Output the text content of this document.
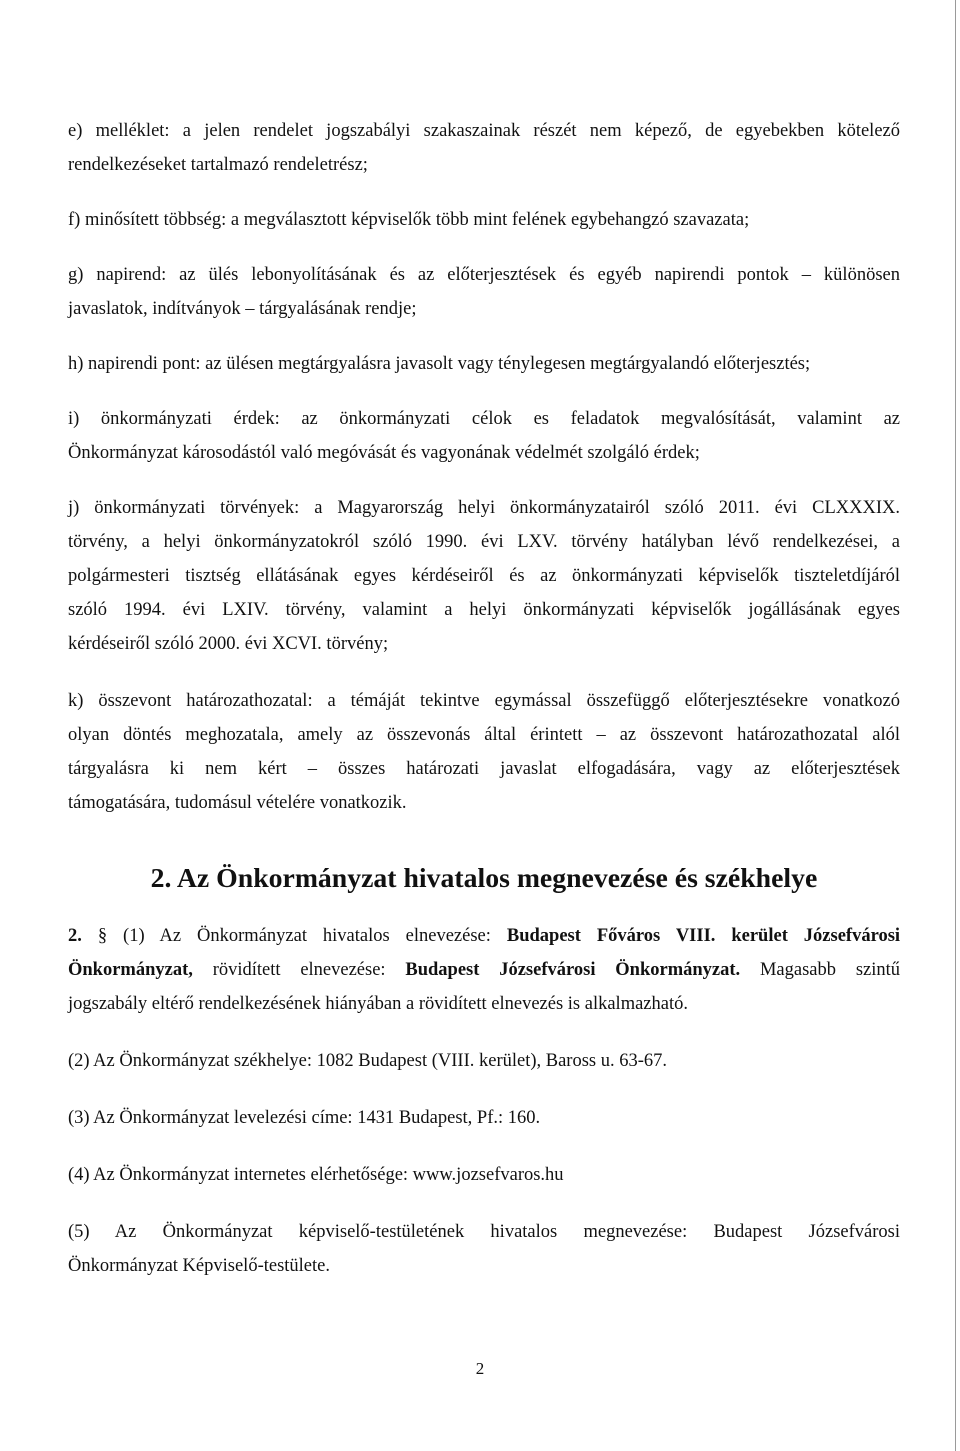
e) melléklet: a jelen rendelet jogszabályi szakaszainak részét nem képező, de egyebekben kötelező

rendelkezéseket tartalmazó rendeletrész;

f) minősített többség: a megválasztott képviselők több mint felének egybehangzó szavazata;

g) napirend: az ülés lebonyolításának és az előterjesztések és egyéb napirendi pontok – különösen

javaslatok, indítványok – tárgyalásának rendje;

h) napirendi pont: az ülésen megtárgyalásra javasolt vagy ténylegesen megtárgyalandó előterjesztés;

i) önkormányzati érdek: az önkormányzati célok es feladatok megvalósítását, valamint az

Önkormányzat károsodástól való megóvását és vagyonának védelmét szolgáló érdek;

j) önkormányzati törvények: a Magyarország helyi önkormányzatairól szóló 2011. évi CLXXXIX.

törvény, a helyi önkormányzatokról szóló 1990. évi LXV. törvény hatályban lévő rendelkezései, a

polgármesteri tisztség ellátásának egyes kérdéseiről és az önkormányzati képviselők tiszteletdíjáról

szóló 1994. évi LXIV. törvény, valamint a helyi önkormányzati képviselők jogállásának egyes

kérdéseiről szóló 2000. évi XCVI. törvény;

k) összevont határozathozatal: a témáját tekintve egymással összefüggő előterjesztésekre vonatkozó

olyan döntés meghozatala, amely az összevonás által érintett – az összevont határozathozatal alól

tárgyalásra ki nem kért – összes határozati javaslat elfogadására, vagy az előterjesztések

támogatására, tudomásul vételére vonatkozik.

2. Az Önkormányzat hivatalos megnevezése és székhelye

2. § (1) Az Önkormányzat hivatalos elnevezése: Budapest Főváros VIII. kerület Józsefvárosi

Önkormányzat, rövidített elnevezése: Budapest Józsefvárosi Önkormányzat. Magasabb szintű

jogszabály eltérő rendelkezésének hiányában a rövidített elnevezés is alkalmazható.

(2) Az Önkormányzat székhelye: 1082 Budapest (VIII. kerület), Baross u. 63-67.

(3) Az Önkormányzat levelezési címe: 1431 Budapest, Pf.: 160.

(4) Az Önkormányzat internetes elérhetősége: www.jozsefvaros.hu

(5) Az Önkormányzat képviselő-testületének hivatalos megnevezése: Budapest Józsefvárosi

Önkormányzat Képviselő-testülete.

2
